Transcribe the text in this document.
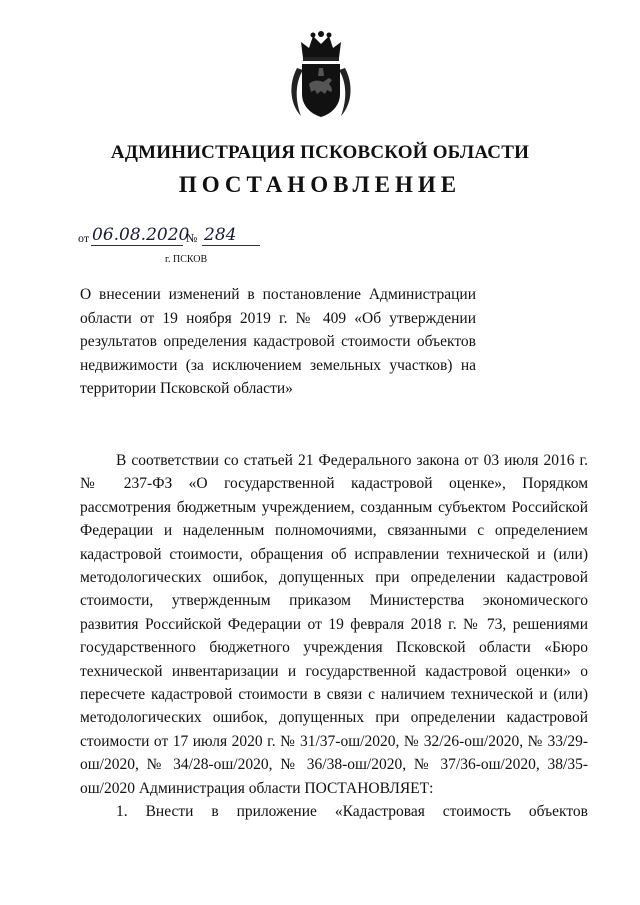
АДМИНИСТРАЦИЯ ПСКОВСКОЙ ОБЛАСТИ
ПОСТАНОВЛЕНИЕ
от 06.08.2020
№ 284
г. ПСКОВ
О внесении изменений в постановление Администрации области от 19 ноября 2019 г. № 409 «Об утверждении результатов определения кадастровой стоимости объектов недвижимости (за исключением земельных участков) на территории Псковской области»

В соответствии со статьей 21 Федерального закона от 03 июля 2016 г. № 237-ФЗ «О государственной кадастровой оценке», Порядком рассмотрения бюджетным учреждением, созданным субъектом Российской Федерации и наделенным полномочиями, связанными с определением кадастровой стоимости, обращения об исправлении технической и (или) методологических ошибок, допущенных при определении кадастровой стоимости, утвержденным приказом Министерства экономического развития Российской Федерации от 19 февраля 2018 г. № 73, решениями государственного бюджетного учреждения Псковской области «Бюро технической инвентаризации и государственной кадастровой оценки» о пересчете кадастровой стоимости в связи с наличием технической и (или) методологических ошибок, допущенных при определении кадастровой стоимости от 17 июля 2020 г. № 31/37-ош/2020, № 32/26-ош/2020, № 33/29-ош/2020, № 34/28-ош/2020, № 36/38-ош/2020, № 37/36-ош/2020, 38/35-ош/2020 Администрация области ПОСТАНОВЛЯЕТ:

1. Внести в приложение «Кадастровая стоимость объектов
